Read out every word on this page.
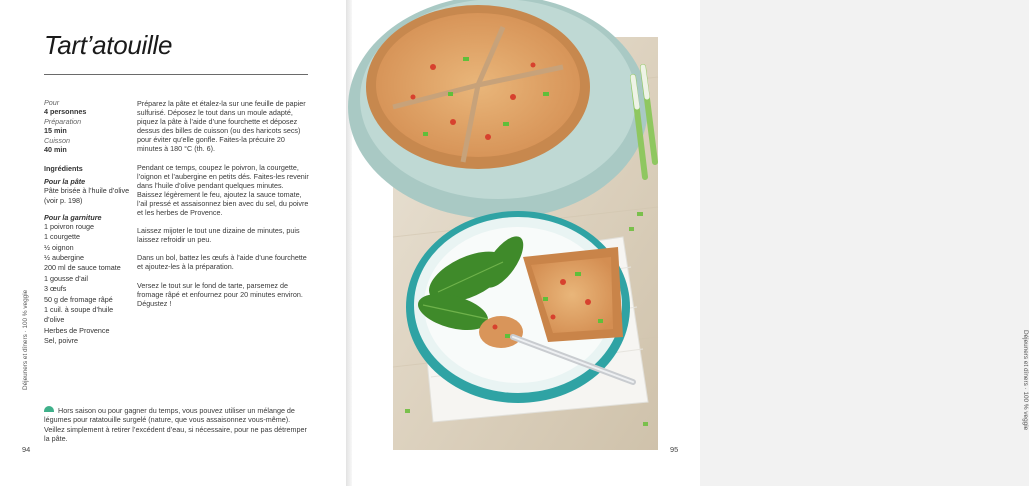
Tart’atouille
Pour
4 personnes
Préparation
15 min
Cuisson
40 min
Ingrédients
Pour la pâte
Pâte brisée à l’huile d’olive
(voir p. 198)
Pour la garniture
1 poivron rouge
1 courgette
½ oignon
½ aubergine
200 ml de sauce tomate
1 gousse d’ail
3 œufs
50 g de fromage râpé
1 cuil. à soupe d’huile d’olive
Herbes de Provence
Sel, poivre

Préparez la pâte et étalez-la sur une feuille de papier sulfurisé. Déposez le tout dans un moule adapté, piquez la pâte à l’aide d’une fourchette et déposez dessus des billes de cuisson (ou des haricots secs) pour éviter qu’elle gonfle. Faites-la précuire 20 minutes à 180 °C (th. 6).

Pendant ce temps, coupez le poivron, la courgette, l’oignon et l’aubergine en petits dés. Faites-les revenir dans l’huile d’olive pendant quelques minutes. Baissez légèrement le feu, ajoutez la sauce tomate, l’ail pressé et assaisonnez bien avec du sel, du poivre et les herbes de Provence.

Laissez mijoter le tout une dizaine de minutes, puis laissez refroidir un peu.

Dans un bol, battez les œufs à l’aide d’une fourchette et ajoutez-les à la préparation.

Versez le tout sur le fond de tarte, parsemez de fromage râpé et enfournez pour 20 minutes environ. Dégustez !

Hors saison ou pour gagner du temps, vous pouvez utiliser un mélange de légumes pour ratatouille surgelé (nature, que vous assaisonnez vous-même). Veillez simplement à retirer l’excédent d’eau, si nécessaire, pour ne pas détremper la pâte.

Déjeuners et dîners · 100 % veggie
94
Déjeuners et dîners · 100 % veggie
95
